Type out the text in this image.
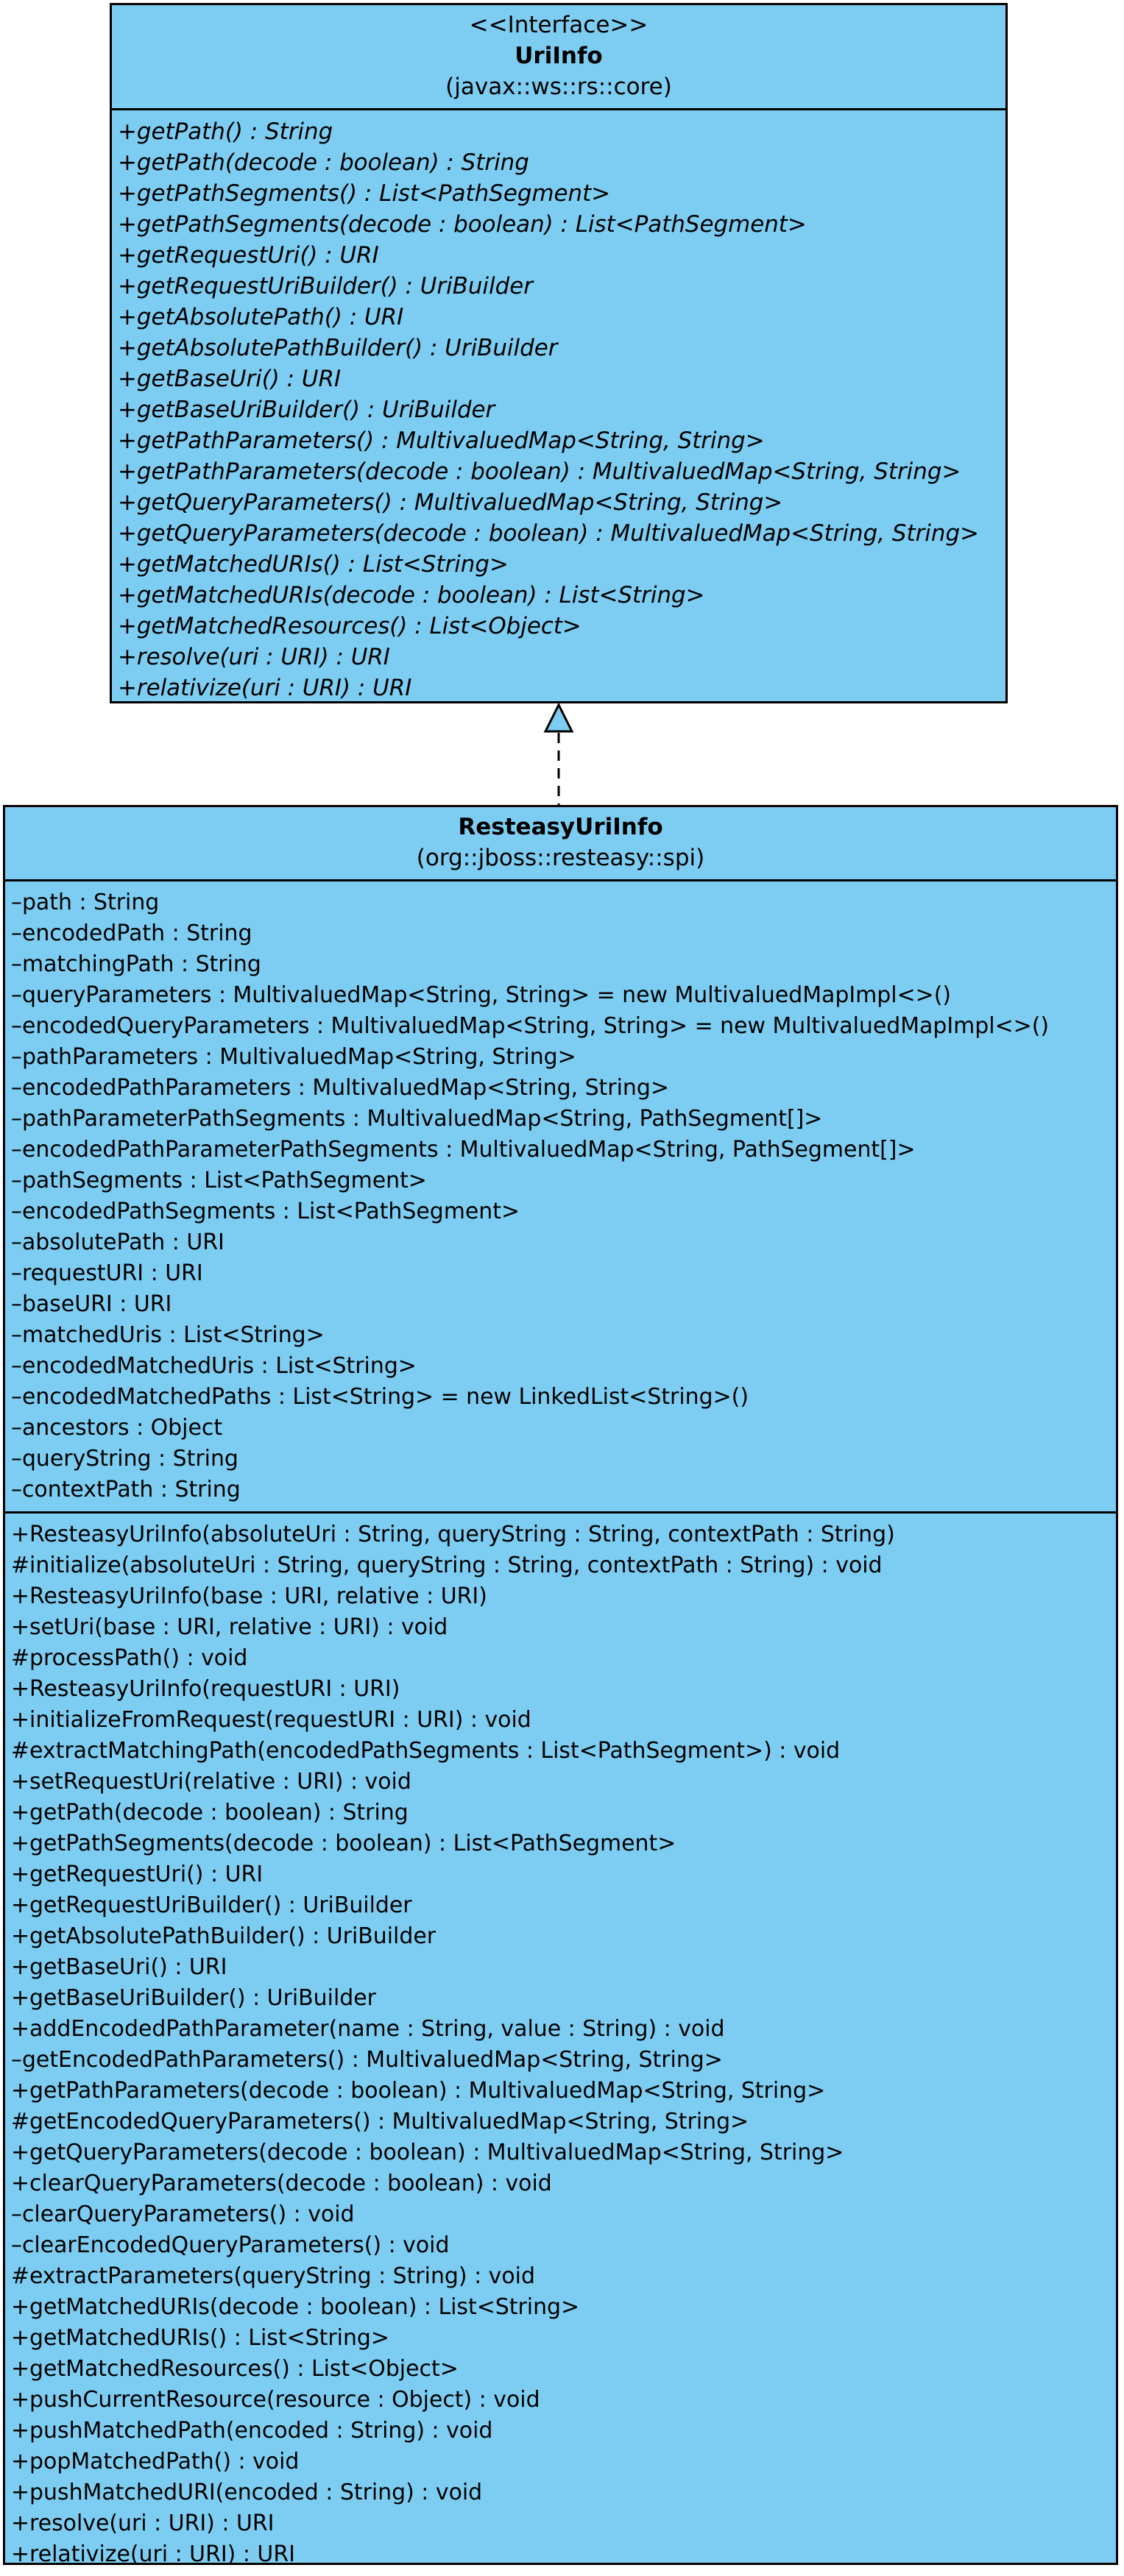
<<Interface>>
UriInfo
(javax::ws::rs::core)
+getPath() : String
+getPath(decode : boolean) : String
+getPathSegments() : List<PathSegment>
+getPathSegments(decode : boolean) : List<PathSegment>
+getRequestUri() : URI
+getRequestUriBuilder() : UriBuilder
+getAbsolutePath() : URI
+getAbsolutePathBuilder() : UriBuilder
+getBaseUri() : URI
+getBaseUriBuilder() : UriBuilder
+getPathParameters() : MultivaluedMap<String, String>
+getPathParameters(decode : boolean) : MultivaluedMap<String, String>
+getQueryParameters() : MultivaluedMap<String, String>
+getQueryParameters(decode : boolean) : MultivaluedMap<String, String>
+getMatchedURIs() : List<String>
+getMatchedURIs(decode : boolean) : List<String>
+getMatchedResources() : List<Object>
+resolve(uri : URI) : URI
+relativize(uri : URI) : URI
ResteasyUriInfo
(org::jboss::resteasy::spi)
–path : String
–encodedPath : String
–matchingPath : String
–queryParameters : MultivaluedMap<String, String> = new MultivaluedMapImpl<>()
–encodedQueryParameters : MultivaluedMap<String, String> = new MultivaluedMapImpl<>()
–pathParameters : MultivaluedMap<String, String>
–encodedPathParameters : MultivaluedMap<String, String>
–pathParameterPathSegments : MultivaluedMap<String, PathSegment[]>
–encodedPathParameterPathSegments : MultivaluedMap<String, PathSegment[]>
–pathSegments : List<PathSegment>
–encodedPathSegments : List<PathSegment>
–absolutePath : URI
–requestURI : URI
–baseURI : URI
–matchedUris : List<String>
–encodedMatchedUris : List<String>
–encodedMatchedPaths : List<String> = new LinkedList<String>()
–ancestors : Object
–queryString : String
–contextPath : String
+ResteasyUriInfo(absoluteUri : String, queryString : String, contextPath : String)
#initialize(absoluteUri : String, queryString : String, contextPath : String) : void
+ResteasyUriInfo(base : URI, relative : URI)
+setUri(base : URI, relative : URI) : void
#processPath() : void
+ResteasyUriInfo(requestURI : URI)
+initializeFromRequest(requestURI : URI) : void
#extractMatchingPath(encodedPathSegments : List<PathSegment>) : void
+setRequestUri(relative : URI) : void
+getPath(decode : boolean) : String
+getPathSegments(decode : boolean) : List<PathSegment>
+getRequestUri() : URI
+getRequestUriBuilder() : UriBuilder
+getAbsolutePathBuilder() : UriBuilder
+getBaseUri() : URI
+getBaseUriBuilder() : UriBuilder
+addEncodedPathParameter(name : String, value : String) : void
–getEncodedPathParameters() : MultivaluedMap<String, String>
+getPathParameters(decode : boolean) : MultivaluedMap<String, String>
#getEncodedQueryParameters() : MultivaluedMap<String, String>
+getQueryParameters(decode : boolean) : MultivaluedMap<String, String>
+clearQueryParameters(decode : boolean) : void
–clearQueryParameters() : void
–clearEncodedQueryParameters() : void
#extractParameters(queryString : String) : void
+getMatchedURIs(decode : boolean) : List<String>
+getMatchedURIs() : List<String>
+getMatchedResources() : List<Object>
+pushCurrentResource(resource : Object) : void
+pushMatchedPath(encoded : String) : void
+popMatchedPath() : void
+pushMatchedURI(encoded : String) : void
+resolve(uri : URI) : URI
+relativize(uri : URI) : URI
